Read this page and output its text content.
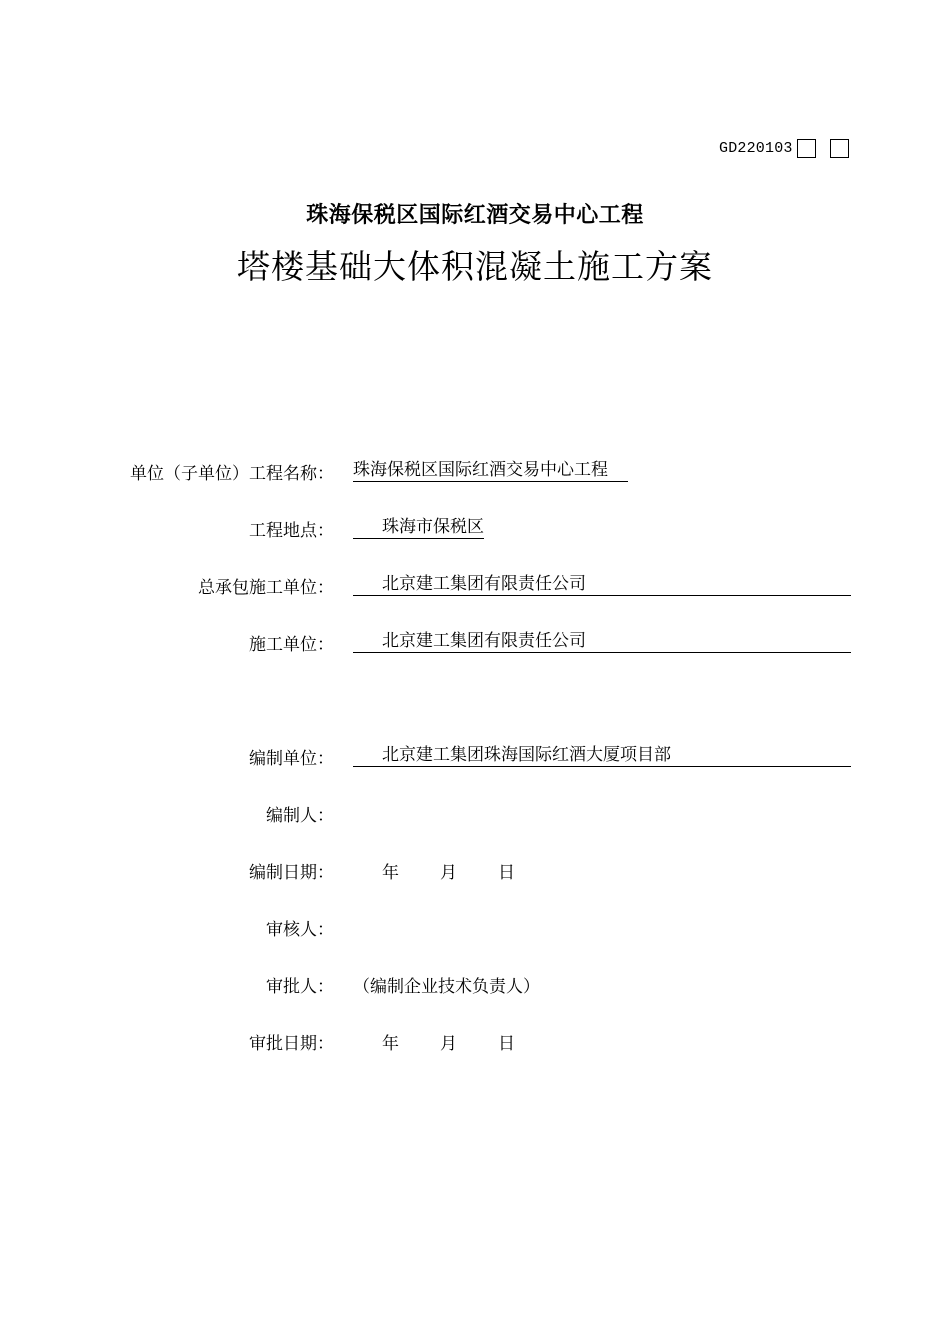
GD220103
珠海保税区国际红酒交易中心工程
塔楼基础大体积混凝土施工方案
单位（子单位）工程名称： 珠海保税区国际红酒交易中心工程
工程地点：	珠海市保税区
总承包施工单位：	北京建工集团有限责任公司
施工单位：	北京建工集团有限责任公司
编制单位：	北京建工集团珠海国际红酒大厦项目部
编制人：
编制日期：	年 月 日
审核人：
审批人： （编制企业技术负责人）
审批日期：	年 月 日
